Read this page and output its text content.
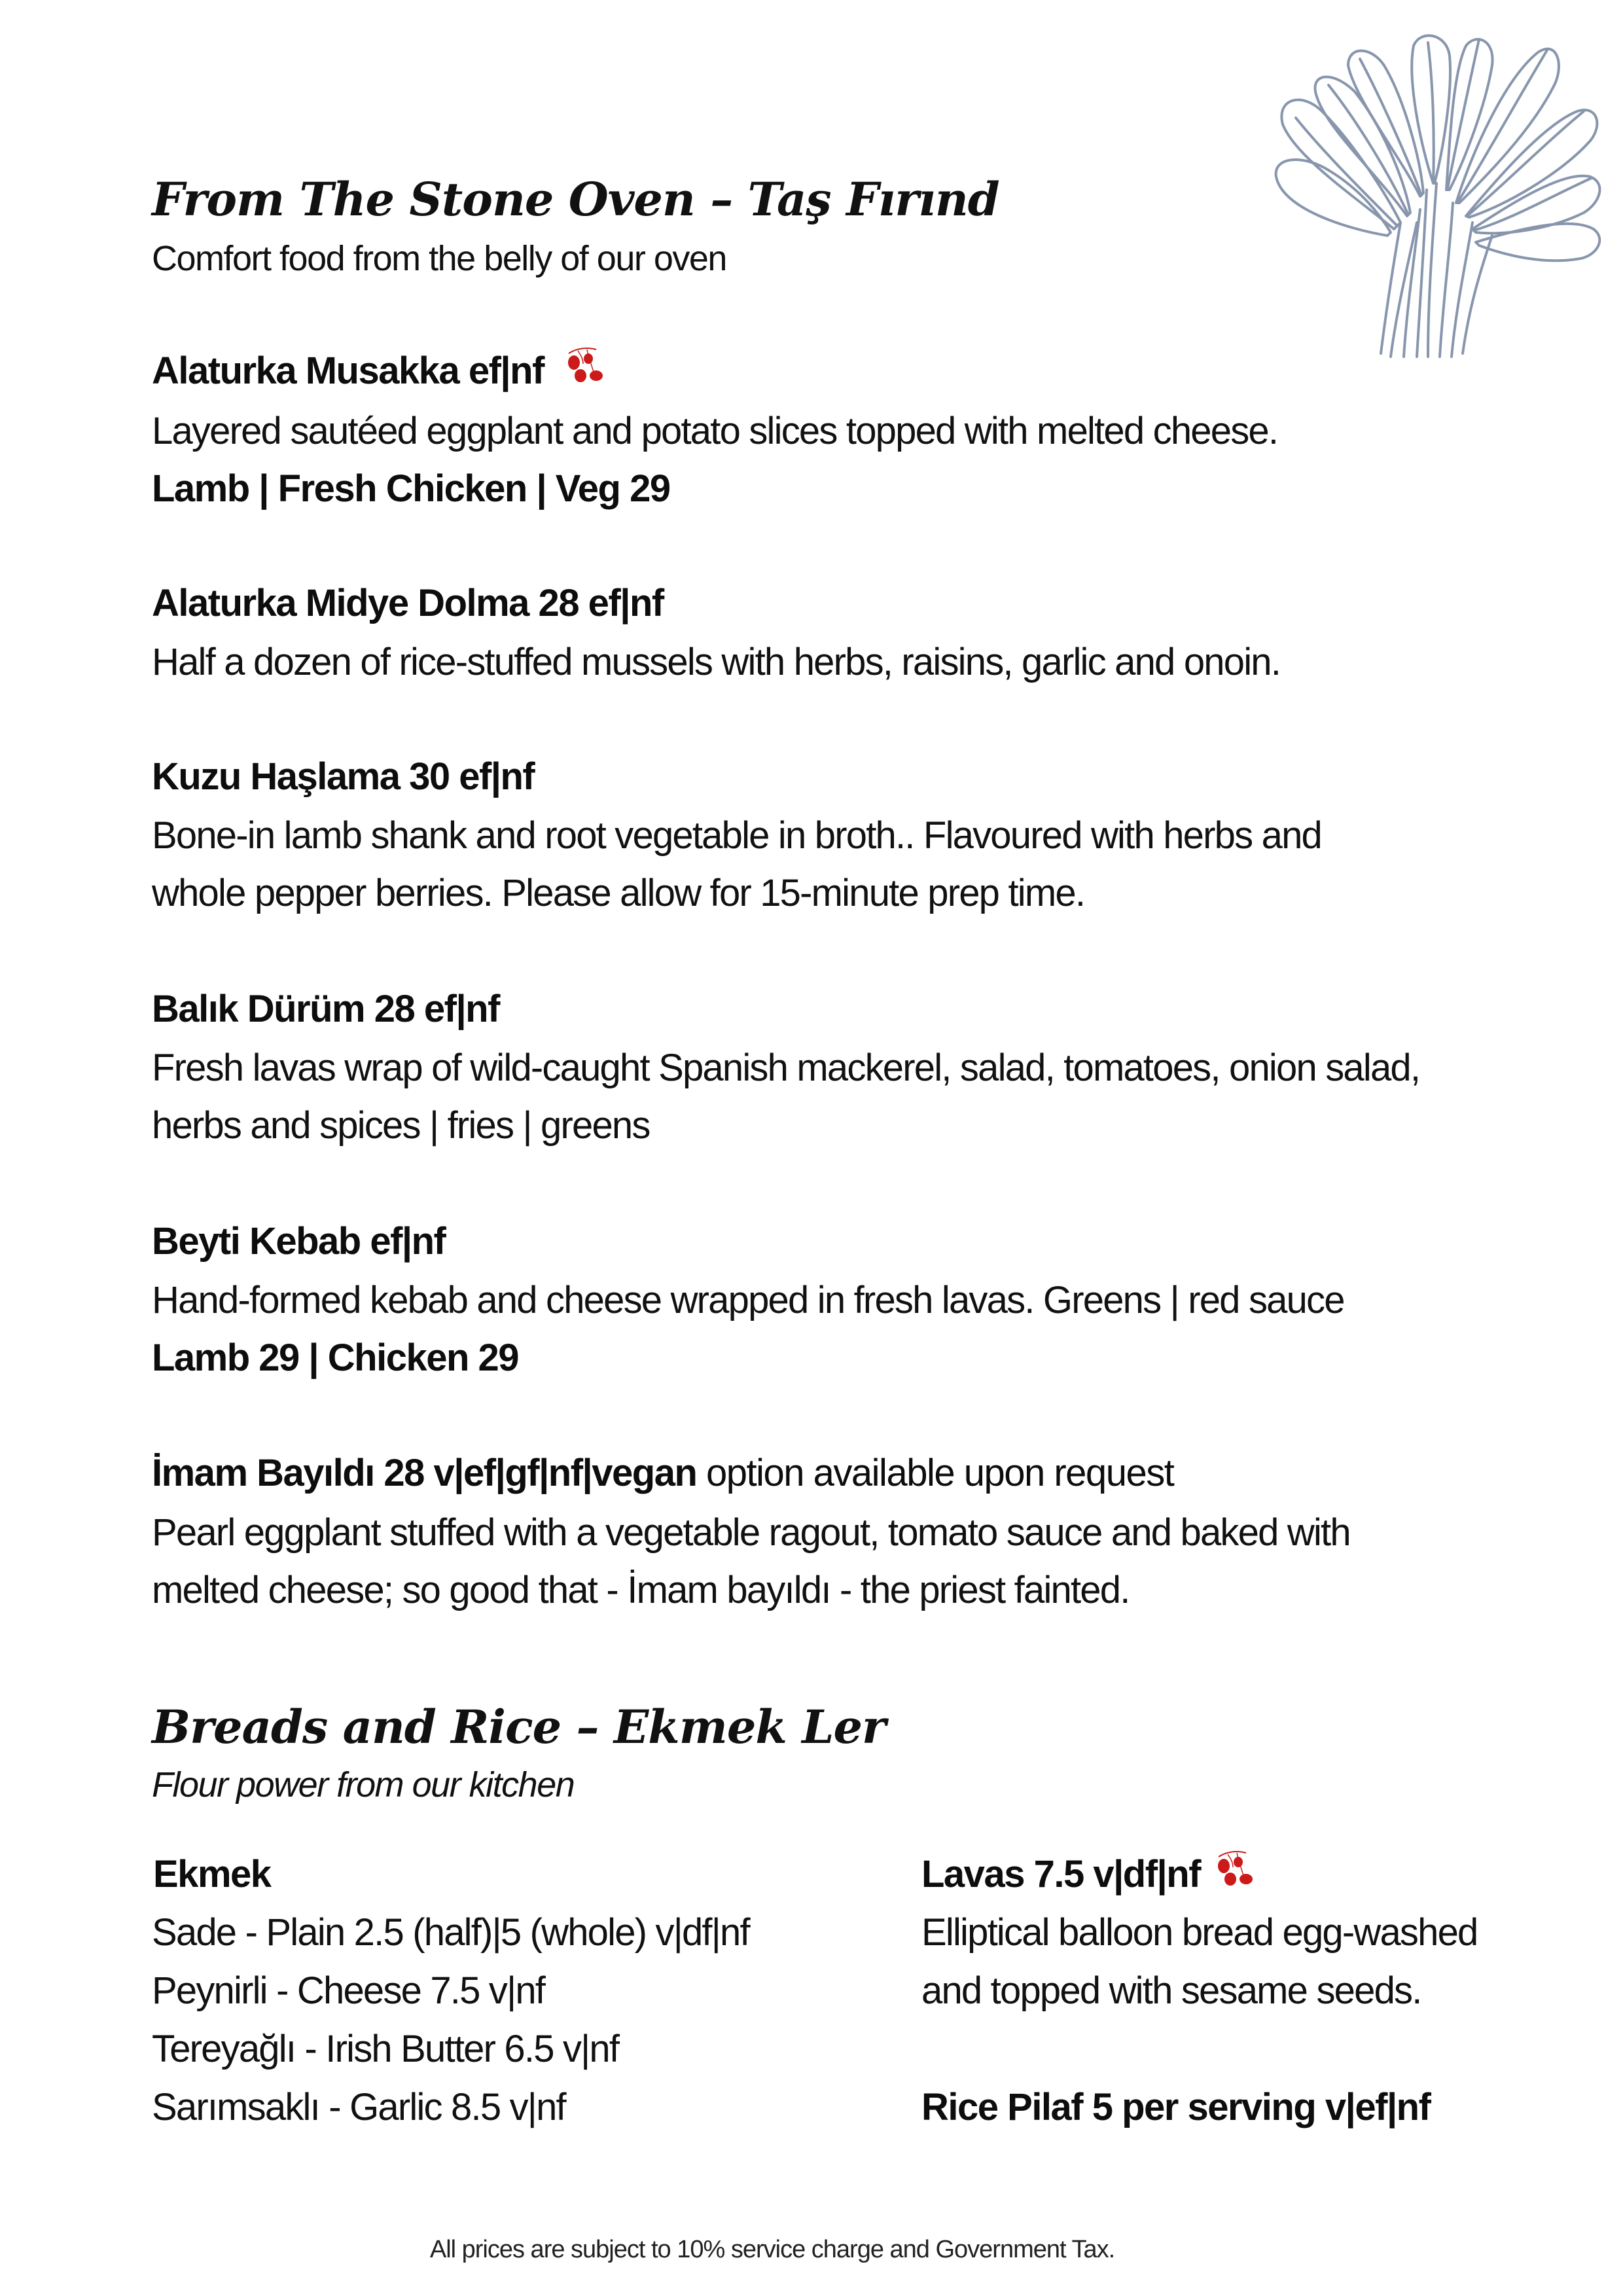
From The Stone Oven – Taş Fırınd
Comfort food from the belly of our oven
Alaturka Musakka ef|nf
Layered sautéed eggplant and potato slices topped with melted cheese.
Lamb | Fresh Chicken | Veg 29
Alaturka Midye Dolma 28 ef|nf
Half a dozen of rice-stuffed mussels with herbs, raisins, garlic and onoin.
Kuzu Haşlama 30 ef|nf
Bone-in lamb shank and root vegetable in broth.. Flavoured with herbs and
whole pepper berries. Please allow for 15-minute prep time.
Balık Dürüm 28 ef|nf
Fresh lavas wrap of wild-caught Spanish mackerel, salad, tomatoes, onion salad,
herbs and spices | fries | greens
Beyti Kebab ef|nf
Hand-formed kebab and cheese wrapped in fresh lavas. Greens | red sauce
Lamb 29 | Chicken 29
İmam Bayıldı 28 v|ef|gf|nf|vegan option available upon request
Pearl eggplant stuffed with a vegetable ragout, tomato sauce and baked with
melted cheese; so good that - İmam bayıldı - the priest fainted.
Breads and Rice – Ekmek Ler
Flour power from our kitchen
Ekmek
Sade - Plain 2.5 (half)|5 (whole) v|df|nf
Peynirli - Cheese 7.5 v|nf
Tereyağlı - Irish Butter 6.5 v|nf
Sarımsaklı - Garlic 8.5 v|nf
Lavas 7.5 v|df|nf
Elliptical balloon bread egg-washed
and topped with sesame seeds.
Rice Pilaf 5 per serving v|ef|nf
All prices are subject to 10% service charge and Government Tax.
